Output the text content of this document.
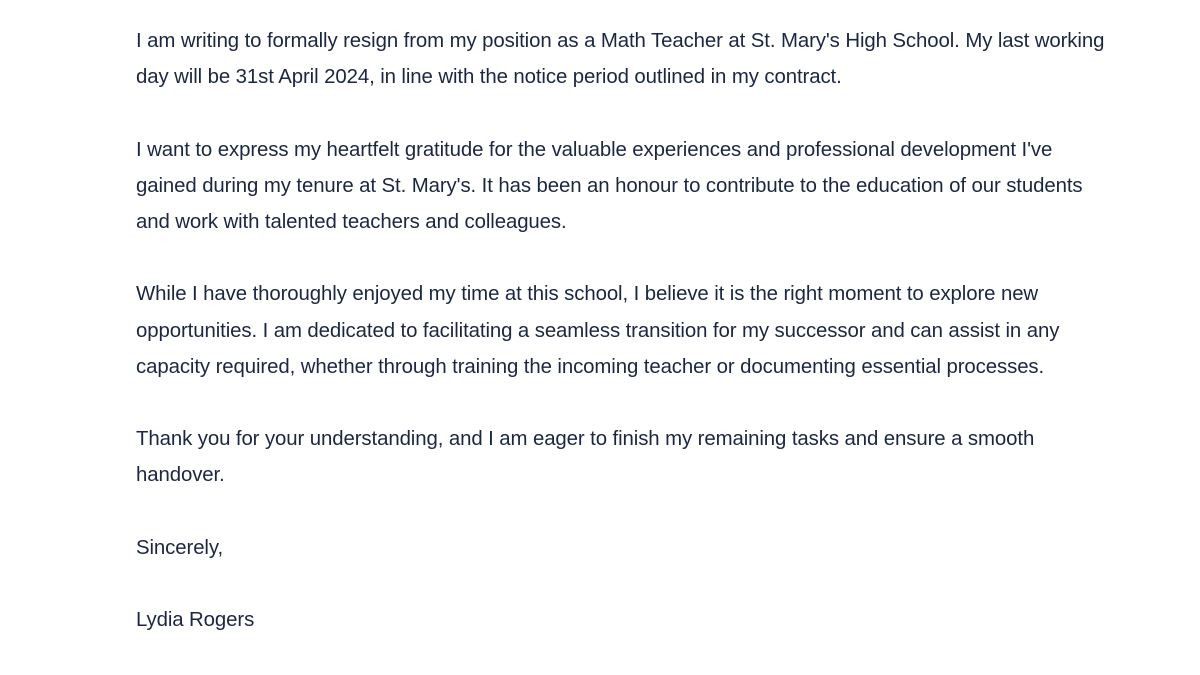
I am writing to formally resign from my position as a Math Teacher at St. Mary's High School. My last working day will be 31st April 2024, in line with the notice period outlined in my contract.

I want to express my heartfelt gratitude for the valuable experiences and professional development I've gained during my tenure at St. Mary's. It has been an honour to contribute to the education of our students and work with talented teachers and colleagues.

While I have thoroughly enjoyed my time at this school, I believe it is the right moment to explore new opportunities. I am dedicated to facilitating a seamless transition for my successor and can assist in any capacity required, whether through training the incoming teacher or documenting essential processes.

Thank you for your understanding, and I am eager to finish my remaining tasks and ensure a smooth handover.

Sincerely,

Lydia Rogers
